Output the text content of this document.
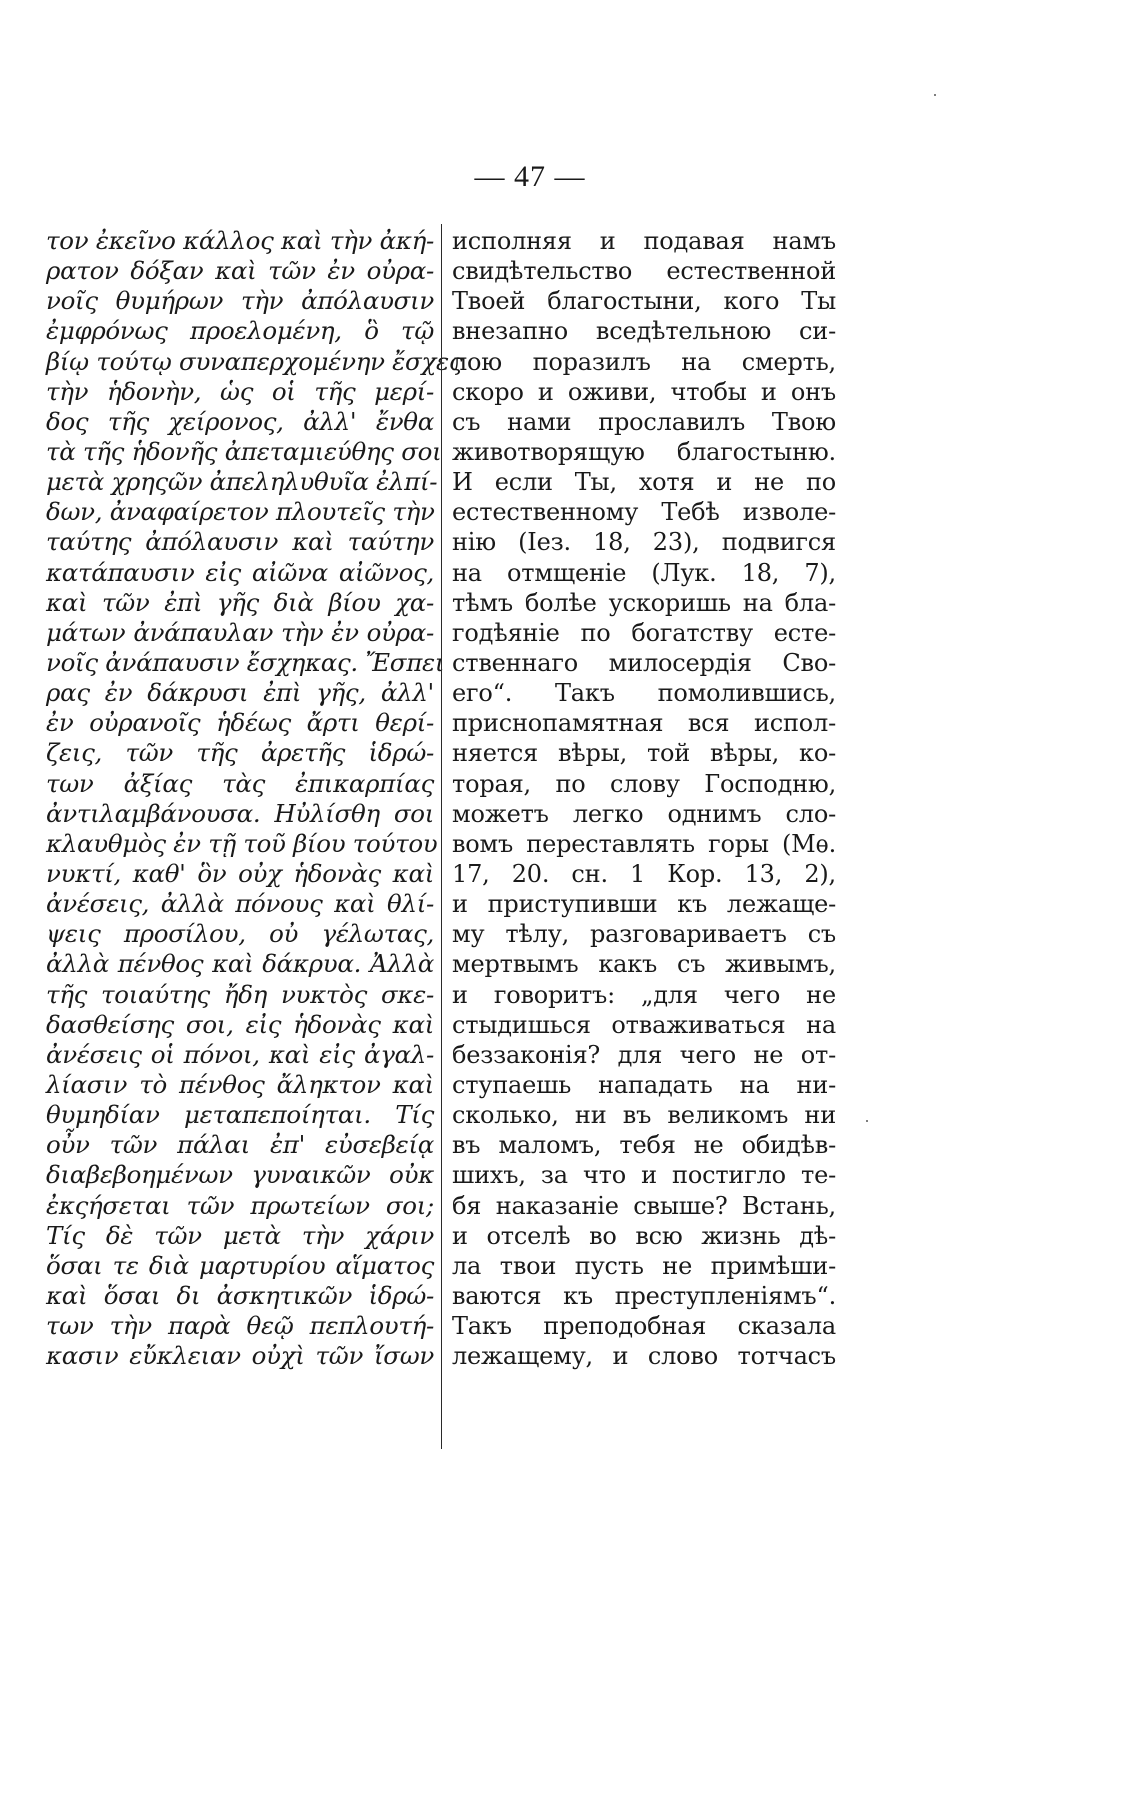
— 47 —
τον ἐκεῖνο κάλλος καὶ τὴν ἀκή-
ρατον δόξαν καὶ τῶν ἐν οὐρα-
νοῖς θυμήρων τὴν ἀπόλαυσιν
ἐμφρόνως προελομένη, ὃ τῷ
βίῳ τούτῳ συναπερχομένην ἔσχες
τὴν ἡδονὴν, ὡς οἱ τῆς μερί-
δος τῆς χείρονος, ἀλλ' ἔνθα
τὰ τῆς ἡδονῆς ἀπεταμιεύθης σοι
μετὰ χρηςῶν ἀπεληλυθυῖα ἐλπί-
δων, ἀναφαίρετον πλουτεῖς τὴν
ταύτης ἀπόλαυσιν καὶ ταύτην
κατάπαυσιν εἰς αἰῶνα αἰῶνος,
καὶ τῶν ἐπὶ γῆς διὰ βίου χα-
μάτων ἀνάπαυλαν τὴν ἐν οὐρα-
νοῖς ἀνάπαυσιν ἔσχηκας. Ἔσπει
ρας ἐν δάκρυσι ἐπὶ γῆς, ἀλλ'
ἐν οὐρανοῖς ἡδέως ἄρτι θερί-
ζεις, τῶν τῆς ἀρετῆς ἱδρώ-
των ἀξίας τὰς ἐπικαρπίας
ἀντιλαμβάνουσα. Ηὐλίσθη σοι
κλαυθμὸς ἐν τῇ τοῦ βίου τούτου
νυκτί, καθ' ὃν οὐχ ἡδονὰς καὶ
ἀνέσεις, ἀλλὰ πόνους καὶ θλί-
ψεις προσίλου, οὐ γέλωτας,
ἀλλὰ πένθος καὶ δάκρυα. Ἀλλὰ
τῆς τοιαύτης ἤδη νυκτὸς σκε-
δασθείσης σοι, εἰς ἡδονὰς καὶ
ἀνέσεις οἱ πόνοι, καὶ εἰς ἀγαλ-
λίασιν τὸ πένθος ἄληκτον καὶ
θυμηδίαν μεταπεποίηται. Τίς
οὖν τῶν πάλαι ἐπ' εὐσεβείᾳ
διαβεβοημένων γυναικῶν οὐκ
ἐκςήσεται τῶν πρωτείων σοι;
Τίς δὲ τῶν μετὰ τὴν χάριν
ὅσαι τε διὰ μαρτυρίου αἵματος
καὶ ὅσαι δι ἀσκητικῶν ἱδρώ-
των τὴν παρὰ θεῷ πεπλουτή-
κασιν εὔκλειαν οὐχὶ τῶν ἴσων
исполняя и подавая намъ
свидѣтельство естественной
Твоей благостыни, кого Ты
внезапно вседѣтельною си-
лою поразилъ на смерть,
скоро и оживи, чтобы и онъ
съ нами прославилъ Твою
животворящую благостыню.
И если Ты, хотя и не по
естественному Тебѣ изволе-
нію (Іез. 18, 23), подвигся
на отмщеніе (Лук. 18, 7),
тѣмъ болѣе ускоришь на бла-
годѣяніе по богатству есте-
ственнаго милосердія Сво-
его“. Такъ помолившись,
приснопамятная вся испол-
няется вѣры, той вѣры, ко-
торая, по слову Господню,
можетъ легко однимъ сло-
вомъ переставлять горы (Мѳ.
17, 20. сн. 1 Кор. 13, 2),
и приступивши къ лежаще-
му тѣлу, разговариваетъ съ
мертвымъ какъ съ живымъ,
и говоритъ: „для чего не
стыдишься отваживаться на
беззаконія? для чего не от-
ступаешь нападать на ни-
сколько, ни въ великомъ ни
въ маломъ, тебя не обидѣв-
шихъ, за что и постигло те-
бя наказаніе свыше? Встань,
и отселѣ во всю жизнь дѣ-
ла твои пусть не примѣши-
ваются къ преступленіямъ“.
Такъ преподобная сказала
лежащему, и слово тотчасъ
